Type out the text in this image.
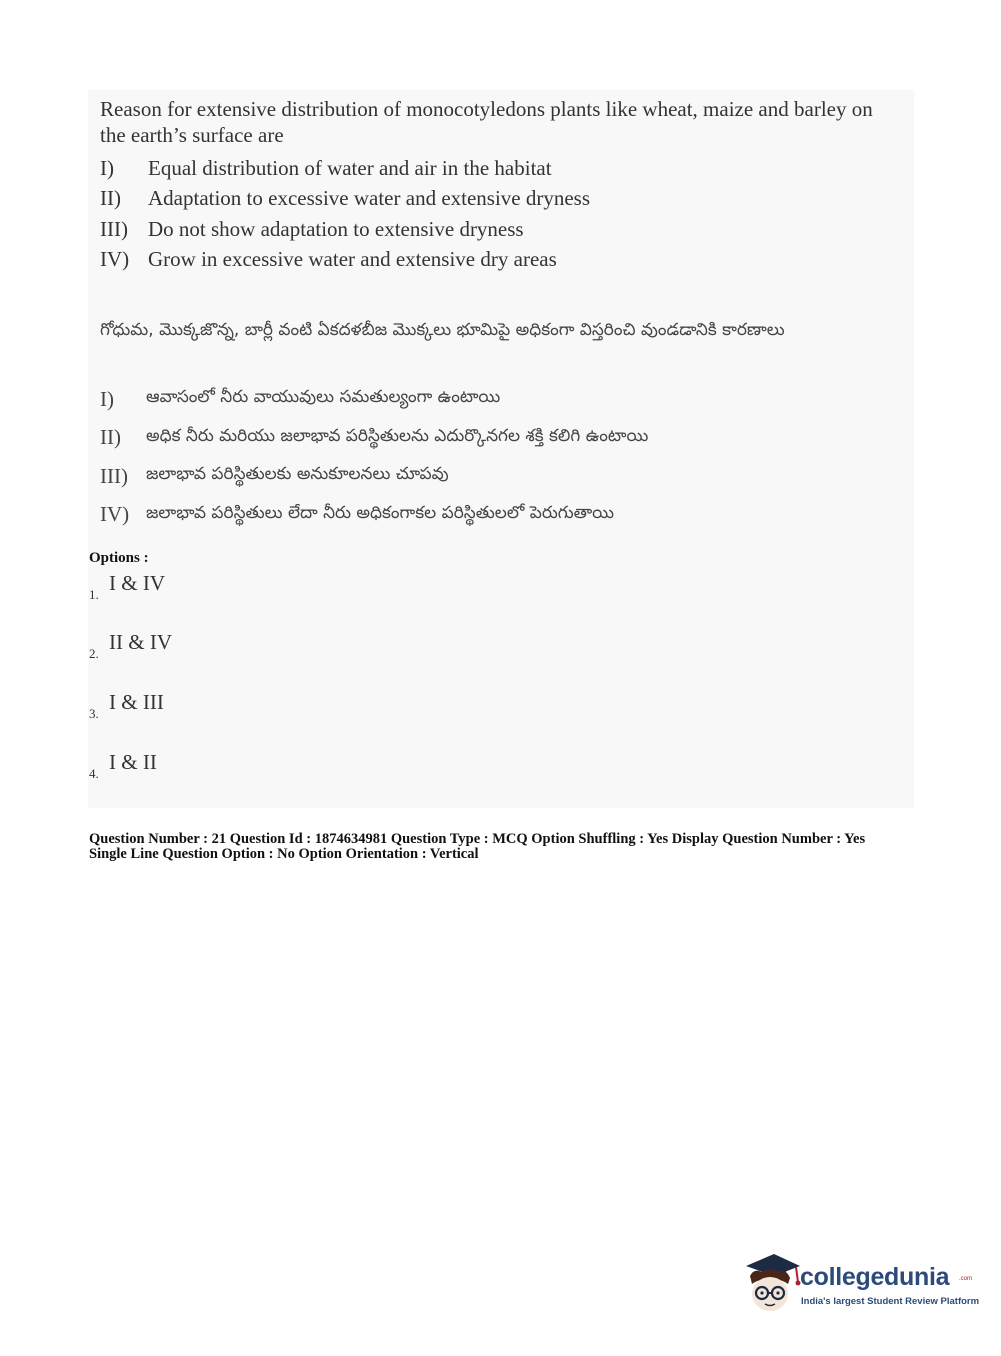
Reason for extensive distribution of monocotyledons plants like wheat, maize and barley on the earth’s surface are
I)	Equal distribution of water and air in the habitat
II)	Adaptation to excessive water and extensive dryness
III) Do not show adaptation to extensive dryness
IV) Grow in excessive water and extensive dry areas
గోధుమ, మొక్కజొన్న, బార్లీ వంటి ఏకదళబీజ మొక్కలు భూమిపై అధికంగా విస్తరించి వుండడానికి కారణాలు
I)	ఆవాసంలో నీరు వాయువులు సమతుల్యంగా ఉంటాయి
II)	అధిక నీరు మరియు జలాభావ పరిస్థితులను ఎదుర్కొనగల శక్తి కలిగి ఉంటాయి
III)	జలాభావ పరిస్థితులకు అనుకూలనలు చూపవు
IV) జలాభావ పరిస్థితులు లేదా నీరు అధికంగాకల పరిస్థితులలో పెరుగుతాయి
Options :
1. I & IV
2. II & IV
3. I & III
4. I & II
Question Number : 21 Question Id : 1874634981 Question Type : MCQ Option Shuffling : Yes Display Question Number : Yes
Single Line Question Option : No Option Orientation : Vertical
collegedunia .com
India's largest Student Review Platform
